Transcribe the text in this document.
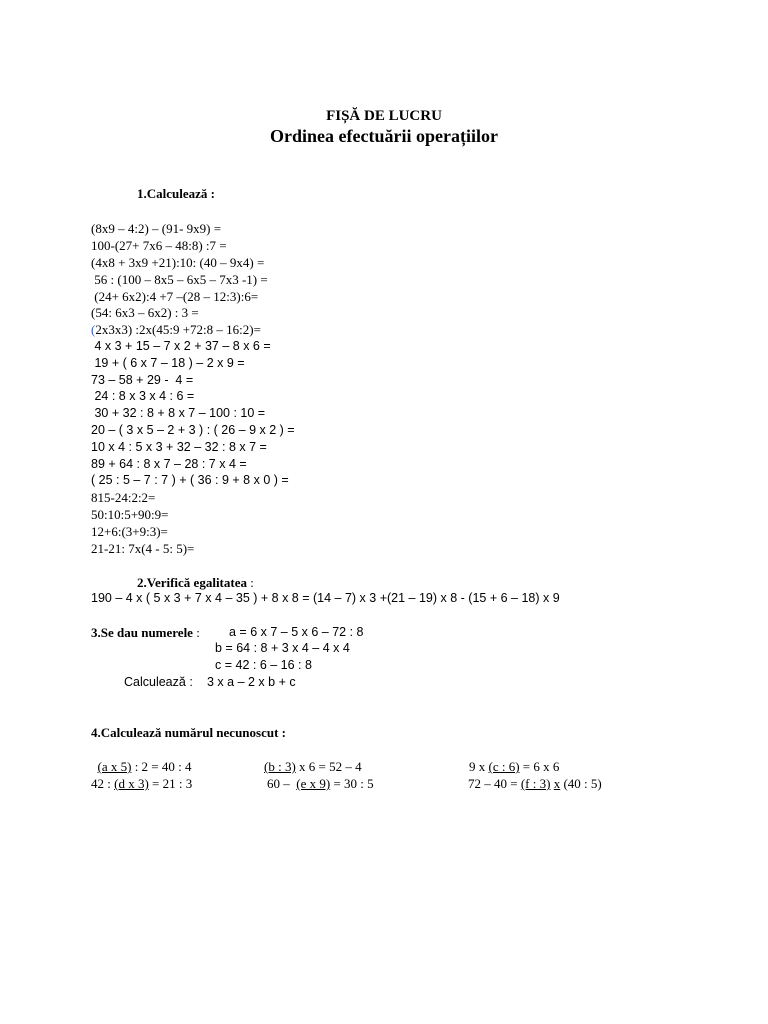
FIȘĂ DE LUCRU
Ordinea efectuării operațiilor
1.Calculează :
(8x9 – 4:2) – (91- 9x9) =
100-(27+ 7x6 – 48:8) :7 =
(4x8 + 3x9 +21):10: (40 – 9x4) =
56 : (100 – 8x5 – 6x5 – 7x3 -1) =
(24+ 6x2):4 +7 –(28 – 12:3):6=
(54: 6x3 – 6x2) : 3 =
(2x3x3) :2x(45:9 +72:8 – 16:2)=
4 x 3 + 15 – 7 x 2 + 37 – 8 x 6 =
19 + ( 6 x 7 – 18 ) – 2 x 9 =
73 – 58 + 29 -  4 =
24 : 8 x 3 x 4 : 6 =
30 + 32 : 8 + 8 x 7 – 100 : 10 =
20 – ( 3 x 5 – 2 + 3 ) : ( 26 – 9 x 2 ) =
10 x 4 : 5 x 3 + 32 – 32 : 8 x 7 =
89 + 64 : 8 x 7 – 28 : 7 x 4 =
( 25 : 5 – 7 : 7 ) + ( 36 : 9 + 8 x 0 ) =
815-24:2:2=
50:10:5+90:9=
12+6:(3+9:3)=
21-21: 7x(4 - 5: 5)=
2.Verifică egalitatea :
190 – 4 x ( 5 x 3 + 7 x 4 – 35 ) + 8 x 8 = (14 – 7) x 3 +(21 – 19) x 8 - (15 + 6 – 18) x 9
3.Se dau numerele : a = 6 x 7 – 5 x 6 – 72 : 8
b = 64 : 8 + 3 x 4 – 4 x 4
c = 42 : 6 – 16 : 8
Calculează : 3 x a – 2 x b + c
4.Calculează numărul necunoscut :
(a x 5) : 2 = 40 : 4	(b : 3) x 6 = 52 – 4	9 x (c : 6) = 6 x 6
42 : (d x 3) = 21 : 3	60 –  (e x 9) = 30 : 5	72 – 40 = (f : 3) x (40 : 5)
